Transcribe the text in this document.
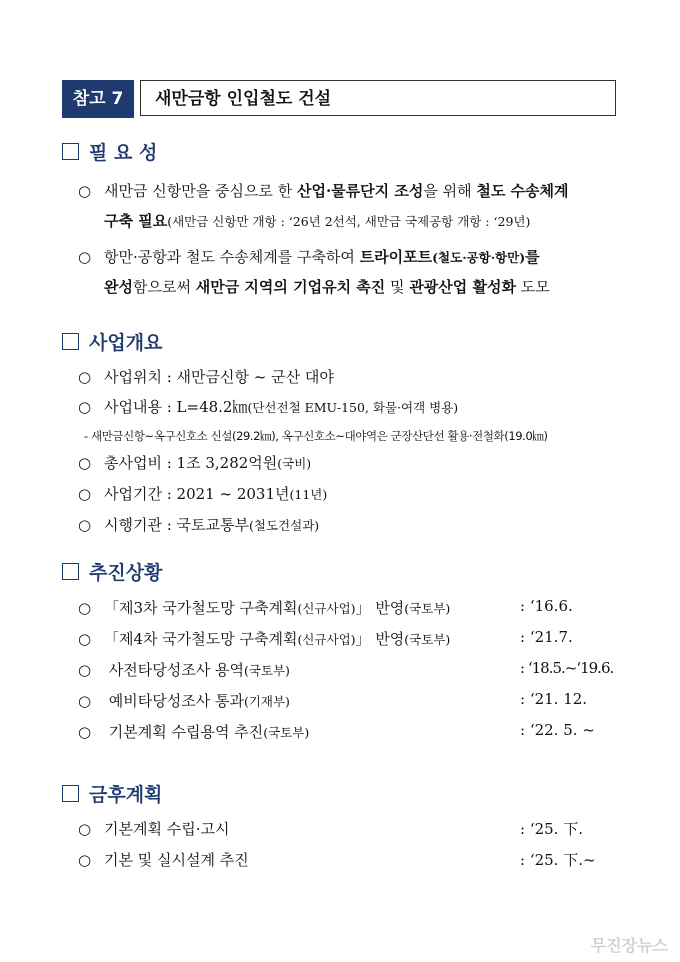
참고 7	새만금항 인입철도 건설
필 요 성
○ 새만금 신항만을 중심으로 한 산업·물류단지 조성을 위해 철도 수송체계
구축 필요(새만금 신항만 개항 : ‘26년 2선석, 새만금 국제공항 개항 : ‘29년)
○ 항만·공항과 철도 수송체계를 구축하여 트라이포트(철도·공항·항만)를
완성함으로써 새만금 지역의 기업유치 촉진 및 관광산업 활성화 도모
사업개요
○ 사업위치 : 새만금신항 ~ 군산 대야
○ 사업내용 : L=48.2㎞(단선전철 EMU-150, 화물·여객 병용)
- 새만금신항~옥구신호소 신설(29.2㎞), 옥구신호소~대야역은 군장산단선 활용·전철화(19.0㎞)
○ 총사업비 : 1조 3,282억원(국비)
○ 사업기간 : 2021 ~ 2031년(11년)
○ 시행기관 : 국토교통부(철도건설과)
추진상황
○ 「제3차 국가철도망 구축계획(신규사업)」 반영(국토부)	: ‘16.6.
○ 「제4차 국가철도망 구축계획(신규사업)」 반영(국토부)	: ‘21.7.
○ 사전타당성조사 용역(국토부)	: ‘18.5.~‘19.6.
○ 예비타당성조사 통과(기재부)	: ‘21. 12.
○ 기본계획 수립용역 추진(국토부)	: ‘22. 5. ~
금후계획
○ 기본계획 수립·고시	: ‘25. 下.
○ 기본 및 실시설계 추진	: ‘25. 下.~
무진장뉴스
